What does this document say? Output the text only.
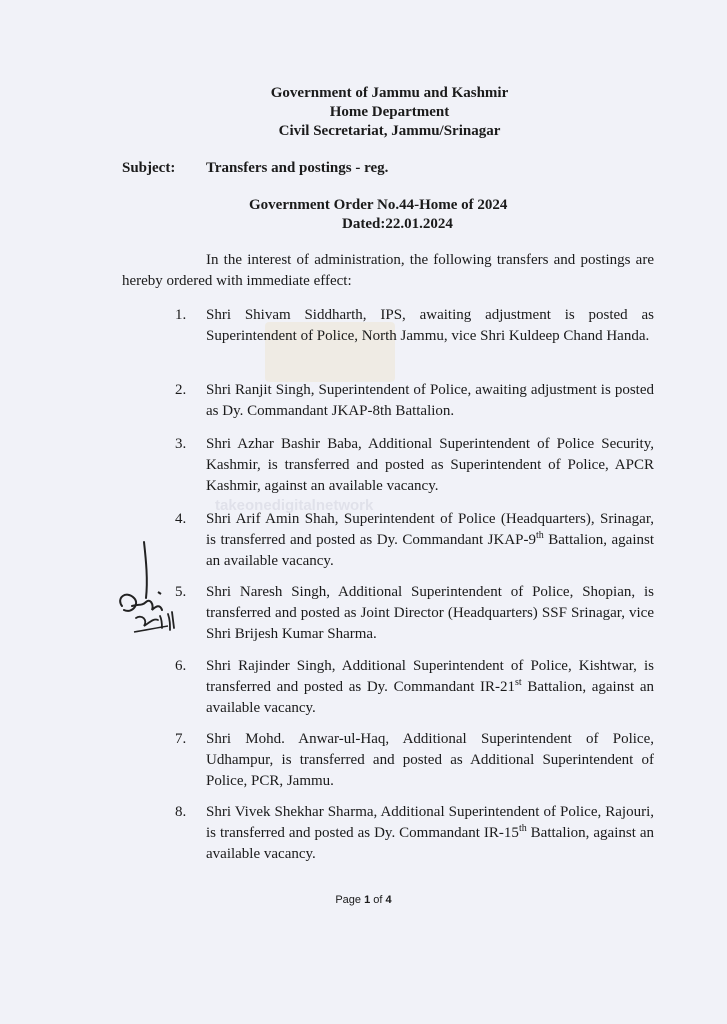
takeonedigitalnetwork
Government of Jammu and Kashmir
Home Department
Civil Secretariat, Jammu/Srinagar
Subject: Transfers and postings - reg.
Government Order No.44-Home of 2024
Dated:22.01.2024
In the interest of administration, the following transfers and postings are hereby ordered with immediate effect:
1. Shri Shivam Siddharth, IPS, awaiting adjustment is posted as Superintendent of Police, North Jammu, vice Shri Kuldeep Chand Handa.
2. Shri Ranjit Singh, Superintendent of Police, awaiting adjustment is posted as Dy. Commandant JKAP-8th Battalion.
3. Shri Azhar Bashir Baba, Additional Superintendent of Police Security, Kashmir, is transferred and posted as Superintendent of Police, APCR Kashmir, against an available vacancy.
4. Shri Arif Amin Shah, Superintendent of Police (Headquarters), Srinagar, is transferred and posted as Dy. Commandant JKAP-9th Battalion, against an available vacancy.
5. Shri Naresh Singh, Additional Superintendent of Police, Shopian, is transferred and posted as Joint Director (Headquarters) SSF Srinagar, vice Shri Brijesh Kumar Sharma.
6. Shri Rajinder Singh, Additional Superintendent of Police, Kishtwar, is transferred and posted as Dy. Commandant IR-21st Battalion, against an available vacancy.
7. Shri Mohd. Anwar-ul-Haq, Additional Superintendent of Police, Udhampur, is transferred and posted as Additional Superintendent of Police, PCR, Jammu.
8. Shri Vivek Shekhar Sharma, Additional Superintendent of Police, Rajouri, is transferred and posted as Dy. Commandant IR-15th Battalion, against an available vacancy.
Page 1 of 4
